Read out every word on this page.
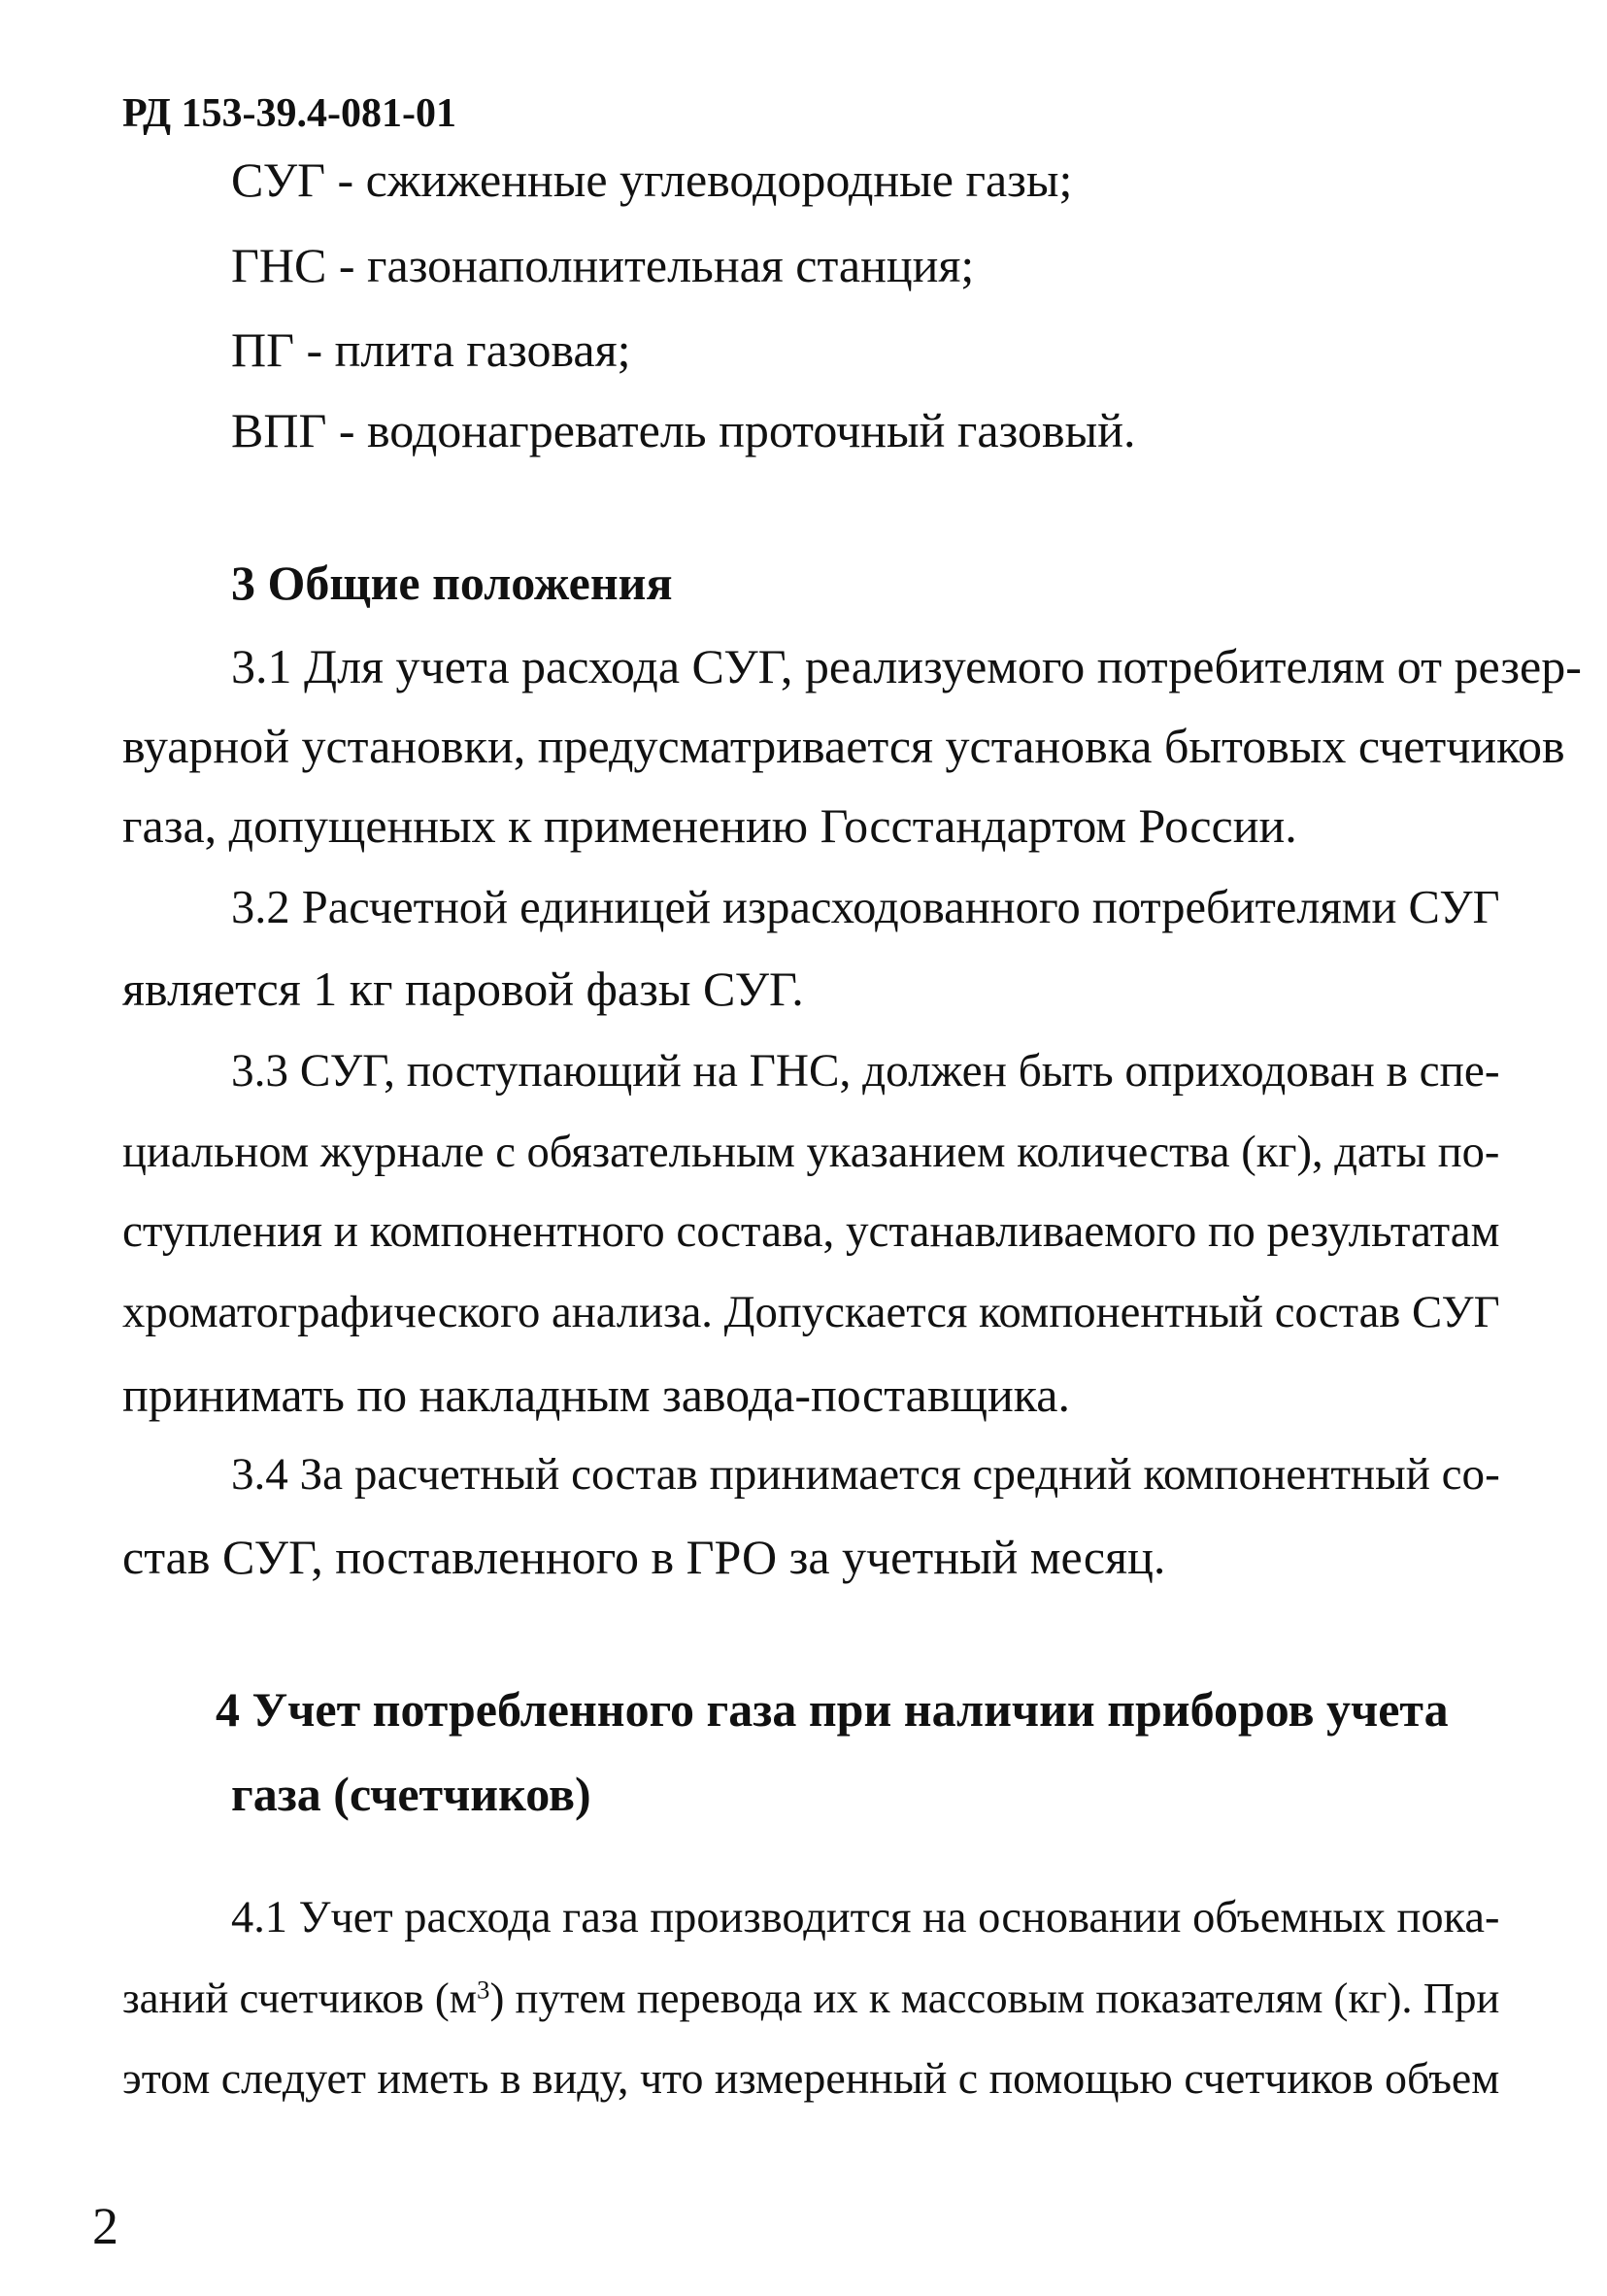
РД 153-39.4-081-01
СУГ - сжиженные углеводородные газы;
ГНС - газонаполнительная станция;
ПГ - плита газовая;
ВПГ - водонагреватель проточный газовый.
3 Общие положения
3.1 Для учета расхода СУГ, реализуемого потребителям от резер-
вуарной установки, предусматривается установка бытовых счетчиков
газа, допущенных к применению Госстандартом России.
3.2 Расчетной единицей израсходованного потребителями СУГ
является 1 кг паровой фазы СУГ.
3.3 СУГ, поступающий на ГНС, должен быть оприходован в спе-
циальном журнале с обязательным указанием количества (кг), даты по-
ступления и компонентного состава, устанавливаемого по результатам
хроматографического анализа. Допускается компонентный состав СУГ
принимать по накладным завода-поставщика.
3.4 За расчетный состав принимается средний компонентный со-
став СУГ, поставленного в ГРО за учетный месяц.
4 Учет потребленного газа при наличии приборов учета
газа (счетчиков)
4.1 Учет расхода газа производится на основании объемных пока-
заний счетчиков $(м^3)$ путем перевода их к массовым показателям (кг). При
этом следует иметь в виду, что измеренный с помощью счетчиков объем
2
